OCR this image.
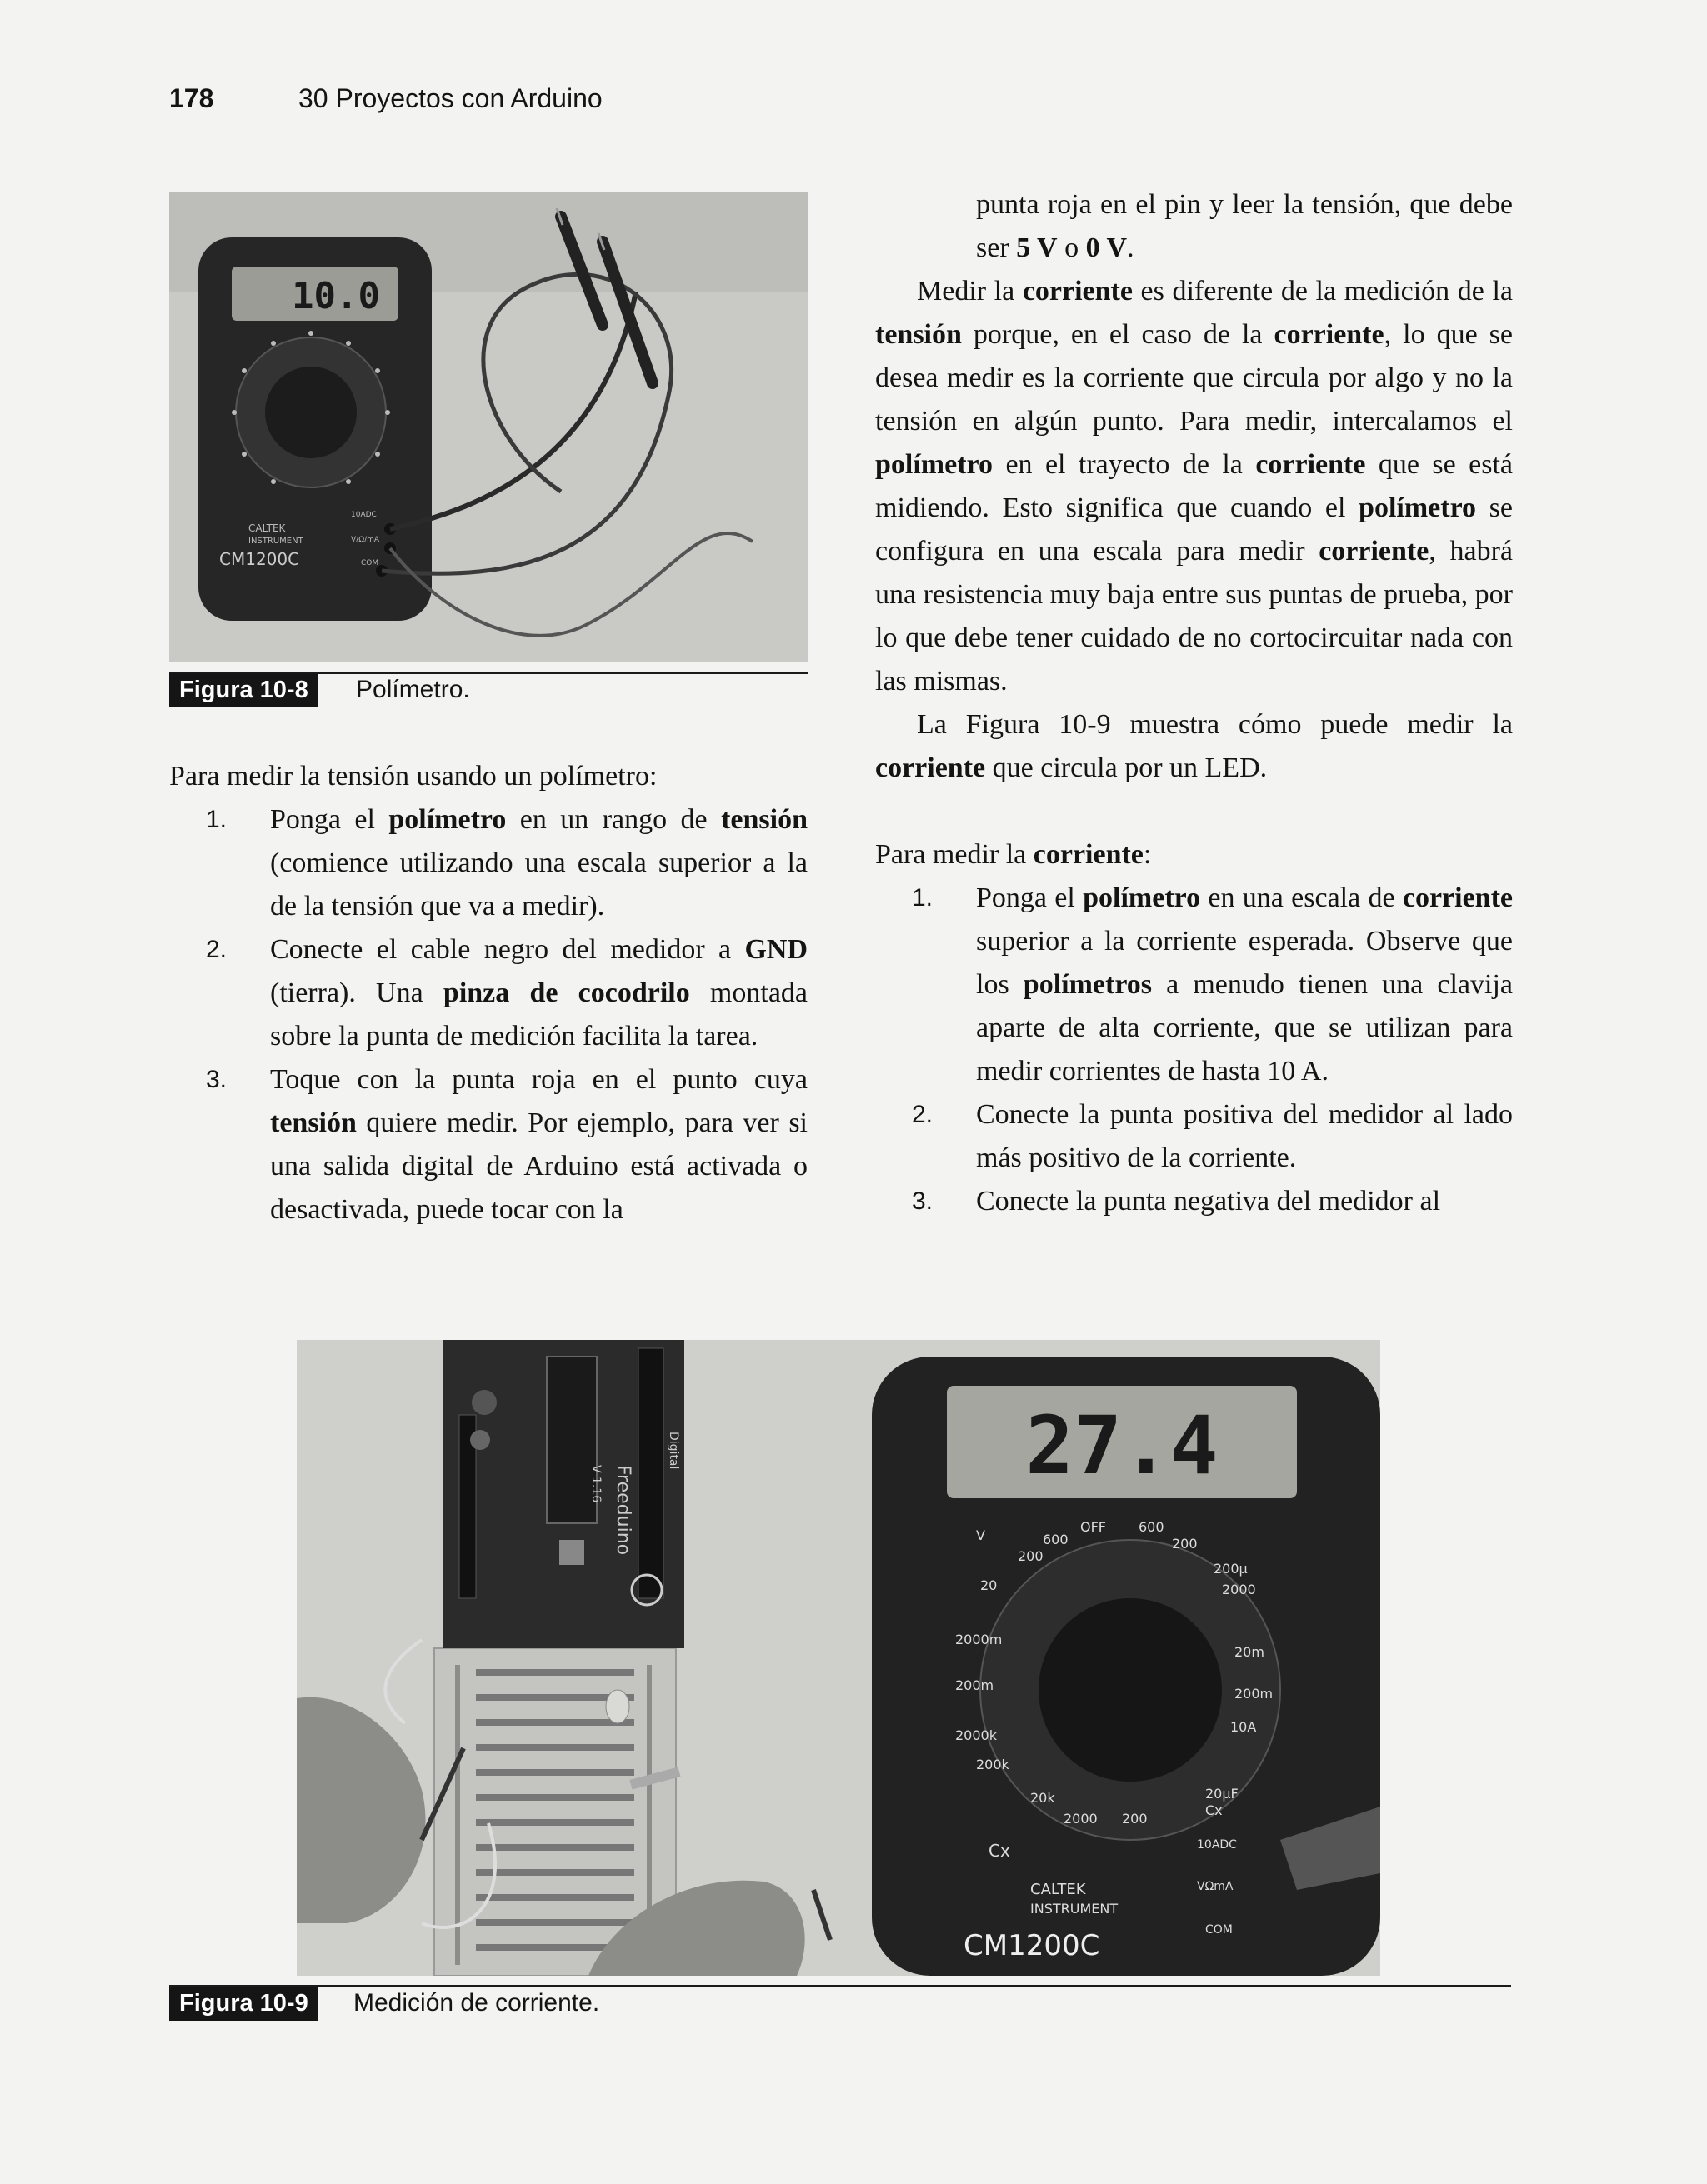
178	30 Proyectos con Arduino
10.0
CALTEK
INSTRUMENT
CM1200C
10ADC
V/Ω/mA
COM
Figura 10-8	Polímetro.

Para medir la tensión usando un polímetro:

1. Ponga el polímetro en un rango de tensión (comience utilizando una escala superior a la de la tensión que va a medir).
2. Conecte el cable negro del medidor a GND (tierra). Una pinza de cocodrilo montada sobre la punta de medición facilita la tarea.
3. Toque con la punta roja en el punto cuya tensión quiere medir. Por ejemplo, para ver si una salida digital de Arduino está activada o desactivada, puede tocar con la
punta roja en el pin y leer la tensión, que debe ser 5 V o 0 V.

Medir la corriente es diferente de la medición de la tensión porque, en el caso de la corriente, lo que se desea medir es la corriente que circula por algo y no la tensión en algún punto. Para medir, intercalamos el polímetro en el trayecto de la corriente que se está midiendo. Esto significa que cuando el polímetro se configura en una escala para medir corriente, habrá una resistencia muy baja entre sus puntas de prueba, por lo que debe tener cuidado de no cortocircuitar nada con las mismas.

La Figura 10-9 muestra cómo puede medir la corriente que circula por un LED.

Para medir la corriente:

1. Ponga el polímetro en una escala de corriente superior a la corriente esperada. Observe que los polímetros a menudo tienen una clavija aparte de alta corriente, que se utilizan para medir corrientes de hasta 10 A.
2. Conecte la punta positiva del medidor al lado más positivo de la corriente.
3. Conecte la punta negativa del medidor al
Freeduino
V 1.16
Digital	27.4
V
OFF
600
600
200
200
20
2000m
200m
2000k
200k
20k
2000 200
200μ
2000
20m
200m
10A
20μF
Cx
Cx
CALTEK
INSTRUMENT
CM1200C
10ADC
VΩmA
COM
Figura 10-9	Medición de corriente.
